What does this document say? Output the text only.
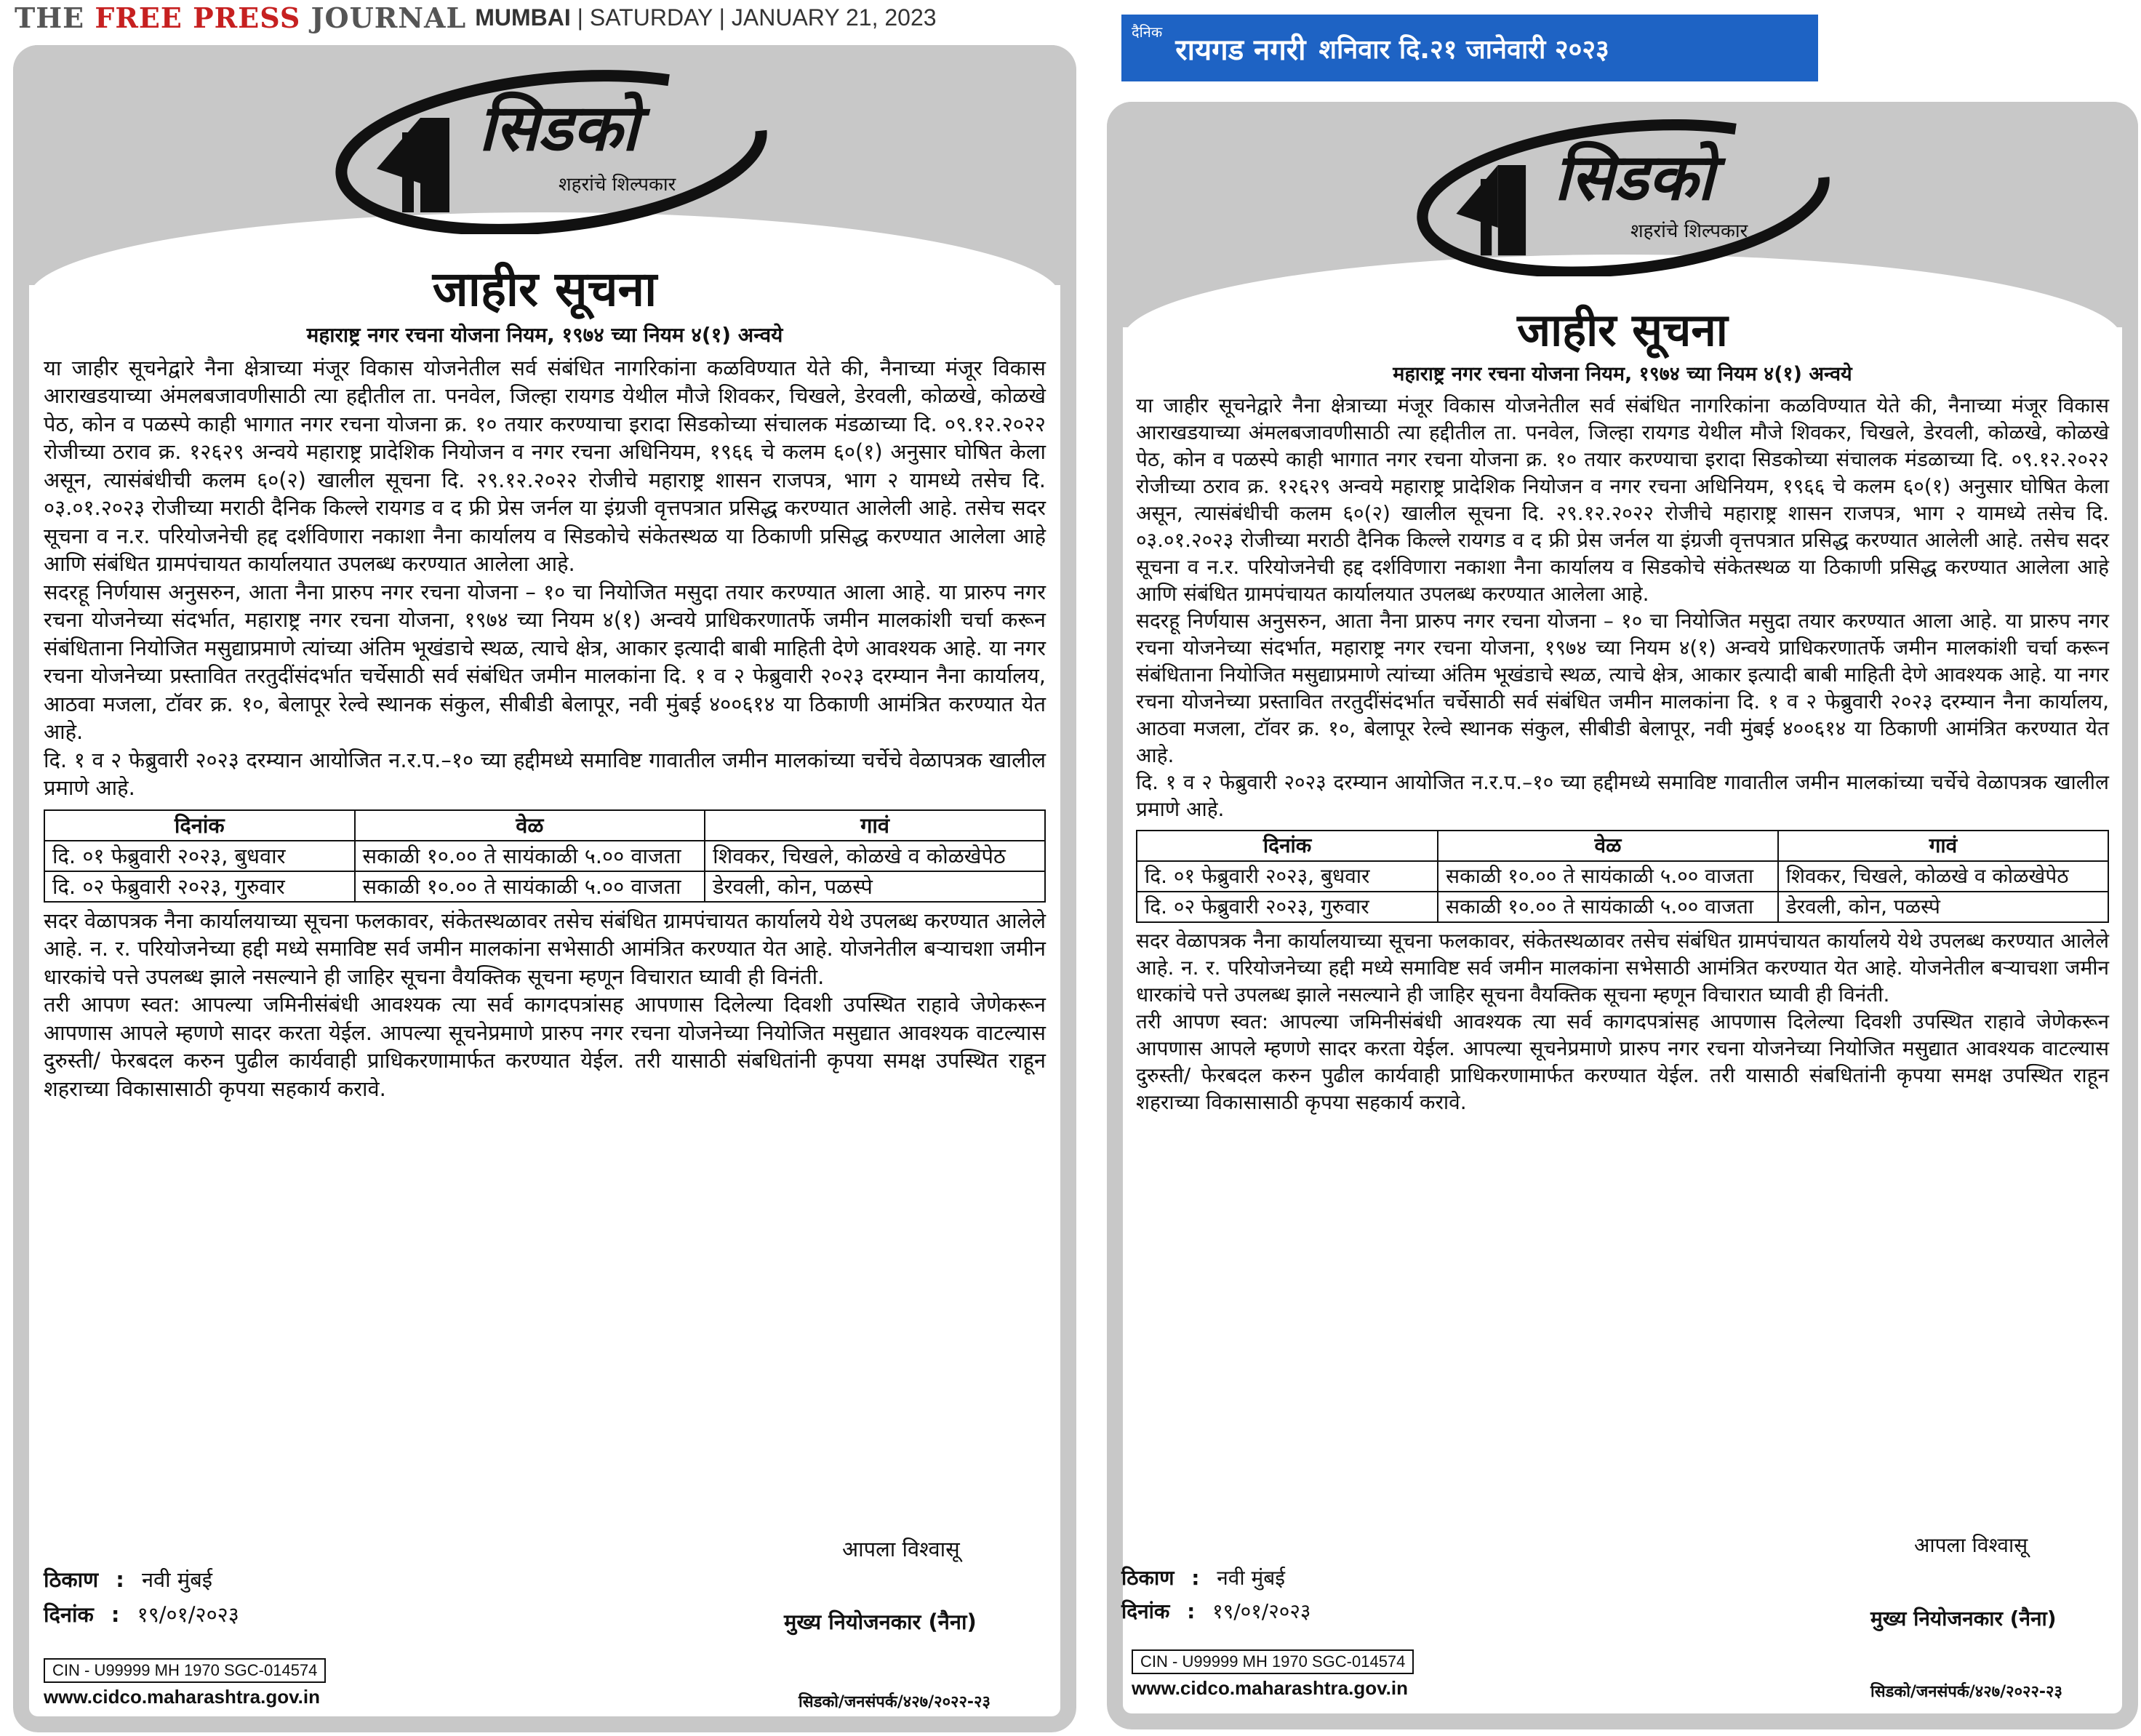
THE FREE PRESS JOURNAL MUMBAI | SATURDAY | JANUARY 21, 2023
दैनिक
रायगड नगरी शनिवार दि.२१ जानेवारी २०२३
सिडको
शहरांचे शिल्पकार
जाहीर सूचना
महाराष्ट्र नगर रचना योजना नियम, १९७४ च्या नियम ४(१) अन्वये

या जाहीर सूचनेद्वारे नैना क्षेत्राच्या मंजूर विकास योजनेतील सर्व संबंधित नागरिकांना कळविण्यात येते की, नैनाच्या मंजूर विकास आराखडयाच्या अंमलबजावणीसाठी त्या हद्दीतील ता. पनवेल, जिल्हा रायगड येथील मौजे शिवकर, चिखले, डेरवली, कोळखे, कोळखे पेठ, कोन व पळस्पे काही भागात नगर रचना योजना क्र. १० तयार करण्याचा इरादा सिडकोच्या संचालक मंडळाच्या दि. ०९.१२.२०२२ रोजीच्या ठराव क्र. १२६२९ अन्वये महाराष्ट्र प्रादेशिक नियोजन व नगर रचना अधिनियम, १९६६ चे कलम ६०(१) अनुसार घोषित केला असून, त्यासंबंधीची कलम ६०(२) खालील सूचना दि. २९.१२.२०२२ रोजीचे महाराष्ट्र शासन राजपत्र, भाग २ यामध्ये तसेच दि. ०३.०१.२०२३ रोजीच्या मराठी दैनिक किल्ले रायगड व द फ्री प्रेस जर्नल या इंग्रजी वृत्तपत्रात प्रसिद्ध करण्यात आलेली आहे. तसेच सदर सूचना व न.र. परियोजनेची हद्द दर्शविणारा नकाशा नैना कार्यालय व सिडकोचे संकेतस्थळ या ठिकाणी प्रसिद्ध करण्यात आलेला आहे आणि संबंधित ग्रामपंचायत कार्यालयात उपलब्ध करण्यात आलेला आहे.

सदरहू निर्णयास अनुसरुन, आता नैना प्रारुप नगर रचना योजना – १० चा नियोजित मसुदा तयार करण्यात आला आहे. या प्रारुप नगर रचना योजनेच्या संदर्भात, महाराष्ट्र नगर रचना योजना, १९७४ च्या नियम ४(१) अन्वये प्राधिकरणातर्फे जमीन मालकांशी चर्चा करून संबंधिताना नियोजित मसुद्याप्रमाणे त्यांच्या अंतिम भूखंडाचे स्थळ, त्याचे क्षेत्र, आकार इत्यादी बाबी माहिती देणे आवश्यक आहे. या नगर रचना योजनेच्या प्रस्तावित तरतुदींसंदर्भात चर्चेसाठी सर्व संबंधित जमीन मालकांना दि. १ व २ फेब्रुवारी २०२३ दरम्यान नैना कार्यालय, आठवा मजला, टॉवर क्र. १०, बेलापूर रेल्वे स्थानक संकुल, सीबीडी बेलापूर, नवी मुंबई ४००६१४ या ठिकाणी आमंत्रित करण्यात येत आहे.

दि. १ व २ फेब्रुवारी २०२३ दरम्यान आयोजित न.र.प.–१० च्या हद्दीमध्ये समाविष्ट गावातील जमीन मालकांच्या चर्चेचे वेळापत्रक खालील प्रमाणे आहे.

दिनांक	वेळ	गावं
दि. ०१ फेब्रुवारी २०२३, बुधवार	सकाळी १०.०० ते सायंकाळी ५.०० वाजता	शिवकर, चिखले, कोळखे व कोळखेपेठ
दि. ०२ फेब्रुवारी २०२३, गुरुवार	सकाळी १०.०० ते सायंकाळी ५.०० वाजता	डेरवली, कोन, पळस्पे

सदर वेळापत्रक नैना कार्यालयाच्या सूचना फलकावर, संकेतस्थळावर तसेच संबंधित ग्रामपंचायत कार्यालये येथे उपलब्ध करण्यात आलेले आहे. न. र. परियोजनेच्या हद्दी मध्ये समाविष्ट सर्व जमीन मालकांना सभेसाठी आमंत्रित करण्यात येत आहे. योजनेतील बऱ्याचशा जमीन धारकांचे पत्ते उपलब्ध झाले नसल्याने ही जाहिर सूचना वैयक्तिक सूचना म्हणून विचारात घ्यावी ही विनंती.

तरी आपण स्वत: आपल्या जमिनीसंबंधी आवश्यक त्या सर्व कागदपत्रांसह आपणास दिलेल्या दिवशी उपस्थित राहावे जेणेकरून आपणास आपले म्हणणे सादर करता येईल. आपल्या सूचनेप्रमाणे प्रारुप नगर रचना योजनेच्या नियोजित मसुद्यात आवश्यक वाटल्यास दुरुस्ती/ फेरबदल करुन पुढील कार्यवाही प्राधिकरणामार्फत करण्यात येईल. तरी यासाठी संबधितांनी कृपया समक्ष उपस्थित राहून शहराच्या विकासासाठी कृपया सहकार्य करावे.

आपला विश्वासू
ठिकाण : नवी मुंबई
दिनांक : १९/०१/२०२३	मुख्य नियोजनकार (नैना)
CIN - U99999 MH 1970 SGC-014574
www.cidco.maharashtra.gov.in	सिडको/जनसंपर्क/४२७/२०२२-२३
सिडको
शहरांचे शिल्पकार
जाहीर सूचना
महाराष्ट्र नगर रचना योजना नियम, १९७४ च्या नियम ४(१) अन्वये

या जाहीर सूचनेद्वारे नैना क्षेत्राच्या मंजूर विकास योजनेतील सर्व संबंधित नागरिकांना कळविण्यात येते की, नैनाच्या मंजूर विकास आराखडयाच्या अंमलबजावणीसाठी त्या हद्दीतील ता. पनवेल, जिल्हा रायगड येथील मौजे शिवकर, चिखले, डेरवली, कोळखे, कोळखे पेठ, कोन व पळस्पे काही भागात नगर रचना योजना क्र. १० तयार करण्याचा इरादा सिडकोच्या संचालक मंडळाच्या दि. ०९.१२.२०२२ रोजीच्या ठराव क्र. १२६२९ अन्वये महाराष्ट्र प्रादेशिक नियोजन व नगर रचना अधिनियम, १९६६ चे कलम ६०(१) अनुसार घोषित केला असून, त्यासंबंधीची कलम ६०(२) खालील सूचना दि. २९.१२.२०२२ रोजीचे महाराष्ट्र शासन राजपत्र, भाग २ यामध्ये तसेच दि. ०३.०१.२०२३ रोजीच्या मराठी दैनिक किल्ले रायगड व द फ्री प्रेस जर्नल या इंग्रजी वृत्तपत्रात प्रसिद्ध करण्यात आलेली आहे. तसेच सदर सूचना व न.र. परियोजनेची हद्द दर्शविणारा नकाशा नैना कार्यालय व सिडकोचे संकेतस्थळ या ठिकाणी प्रसिद्ध करण्यात आलेला आहे आणि संबंधित ग्रामपंचायत कार्यालयात उपलब्ध करण्यात आलेला आहे.

सदरहू निर्णयास अनुसरुन, आता नैना प्रारुप नगर रचना योजना – १० चा नियोजित मसुदा तयार करण्यात आला आहे. या प्रारुप नगर रचना योजनेच्या संदर्भात, महाराष्ट्र नगर रचना योजना, १९७४ च्या नियम ४(१) अन्वये प्राधिकरणातर्फे जमीन मालकांशी चर्चा करून संबंधिताना नियोजित मसुद्याप्रमाणे त्यांच्या अंतिम भूखंडाचे स्थळ, त्याचे क्षेत्र, आकार इत्यादी बाबी माहिती देणे आवश्यक आहे. या नगर रचना योजनेच्या प्रस्तावित तरतुदींसंदर्भात चर्चेसाठी सर्व संबंधित जमीन मालकांना दि. १ व २ फेब्रुवारी २०२३ दरम्यान नैना कार्यालय, आठवा मजला, टॉवर क्र. १०, बेलापूर रेल्वे स्थानक संकुल, सीबीडी बेलापूर, नवी मुंबई ४००६१४ या ठिकाणी आमंत्रित करण्यात येत आहे.

दि. १ व २ फेब्रुवारी २०२३ दरम्यान आयोजित न.र.प.–१० च्या हद्दीमध्ये समाविष्ट गावातील जमीन मालकांच्या चर्चेचे वेळापत्रक खालील प्रमाणे आहे.

दिनांक	वेळ	गावं
दि. ०१ फेब्रुवारी २०२३, बुधवार	सकाळी १०.०० ते सायंकाळी ५.०० वाजता	शिवकर, चिखले, कोळखे व कोळखेपेठ
दि. ०२ फेब्रुवारी २०२३, गुरुवार	सकाळी १०.०० ते सायंकाळी ५.०० वाजता	डेरवली, कोन, पळस्पे

सदर वेळापत्रक नैना कार्यालयाच्या सूचना फलकावर, संकेतस्थळावर तसेच संबंधित ग्रामपंचायत कार्यालये येथे उपलब्ध करण्यात आलेले आहे. न. र. परियोजनेच्या हद्दी मध्ये समाविष्ट सर्व जमीन मालकांना सभेसाठी आमंत्रित करण्यात येत आहे. योजनेतील बऱ्याचशा जमीन धारकांचे पत्ते उपलब्ध झाले नसल्याने ही जाहिर सूचना वैयक्तिक सूचना म्हणून विचारात घ्यावी ही विनंती.

तरी आपण स्वत: आपल्या जमिनीसंबंधी आवश्यक त्या सर्व कागदपत्रांसह आपणास दिलेल्या दिवशी उपस्थित राहावे जेणेकरून आपणास आपले म्हणणे सादर करता येईल. आपल्या सूचनेप्रमाणे प्रारुप नगर रचना योजनेच्या नियोजित मसुद्यात आवश्यक वाटल्यास दुरुस्ती/ फेरबदल करुन पुढील कार्यवाही प्राधिकरणामार्फत करण्यात येईल. तरी यासाठी संबधितांनी कृपया समक्ष उपस्थित राहून शहराच्या विकासासाठी कृपया सहकार्य करावे.

आपला विश्वासू
ठिकाण : नवी मुंबई
दिनांक : १९/०१/२०२३	मुख्य नियोजनकार (नैना)
CIN - U99999 MH 1970 SGC-014574
www.cidco.maharashtra.gov.in	सिडको/जनसंपर्क/४२७/२०२२-२३
